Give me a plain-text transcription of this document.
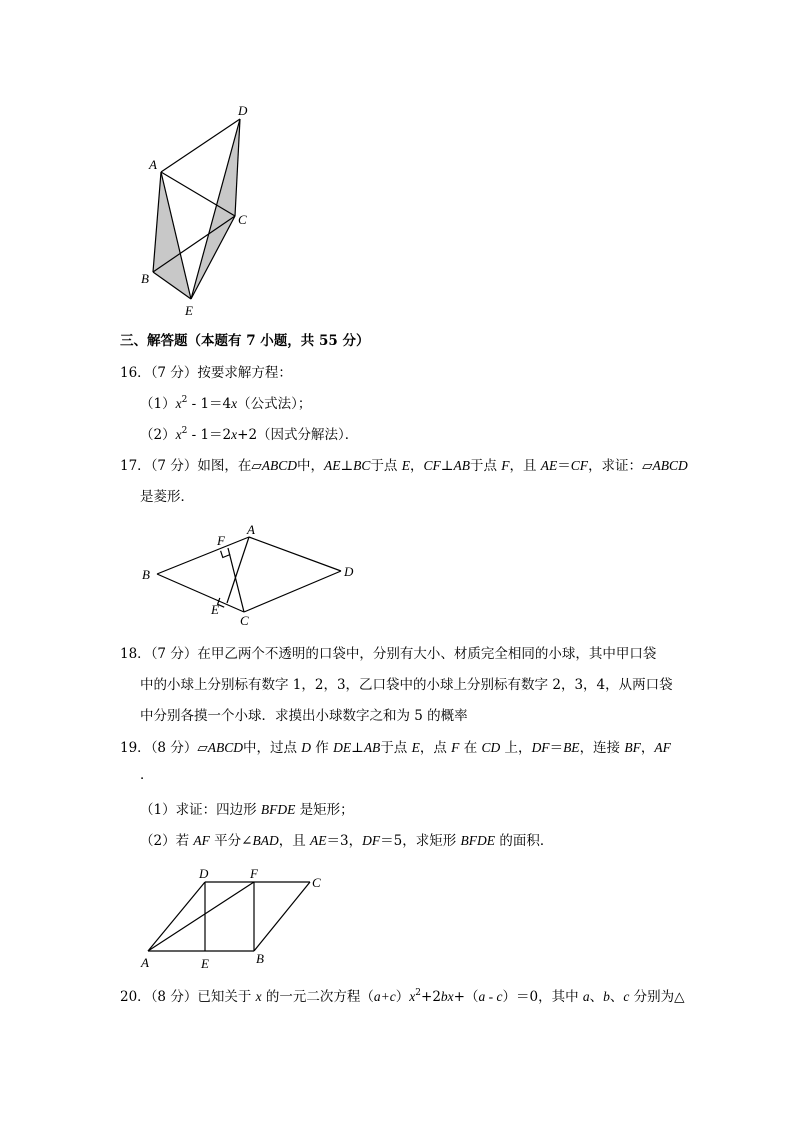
A
D
C
B
E
三、解答题（本题有 7 小题，共 55 分）
16．（7 分）按要求解方程：
$(1)x^2 - 1=4x$（公式法）；
$(2)x^2 - 1=2x+2$（因式分解法）．
17．（7 分）如图，在▱ABCD中，AE⊥BC于点 E，CF⊥AB于点 F，且 AE＝CF，求证：▱ABCD
是菱形．
A
F
B	D
E
C
18．（7 分）在甲乙两个不透明的口袋中，分别有大小、材质完全相同的小球，其中甲口袋
中的小球上分别标有数字 1，2，3，乙口袋中的小球上分别标有数字 2，3，4，从两口袋
中分别各摸一个小球．求摸出小球数字之和为 5 的概率
19．（8 分）▱ABCD中，过点 D 作 DE⊥AB于点 E，点 F 在 CD 上，DF＝BE，连接 BF，AF
．
（1）求证：四边形 BFDE 是矩形；
（2）若 AF 平分∠BAD，且 AE＝3，DF＝5，求矩形 BFDE 的面积．
D	F
C
A	E	B
20．（8 分）已知关于 x 的一元二次方程$(a+c)x^2+2bx+(a - c)=0$，其中 a、b、c 分别为△
